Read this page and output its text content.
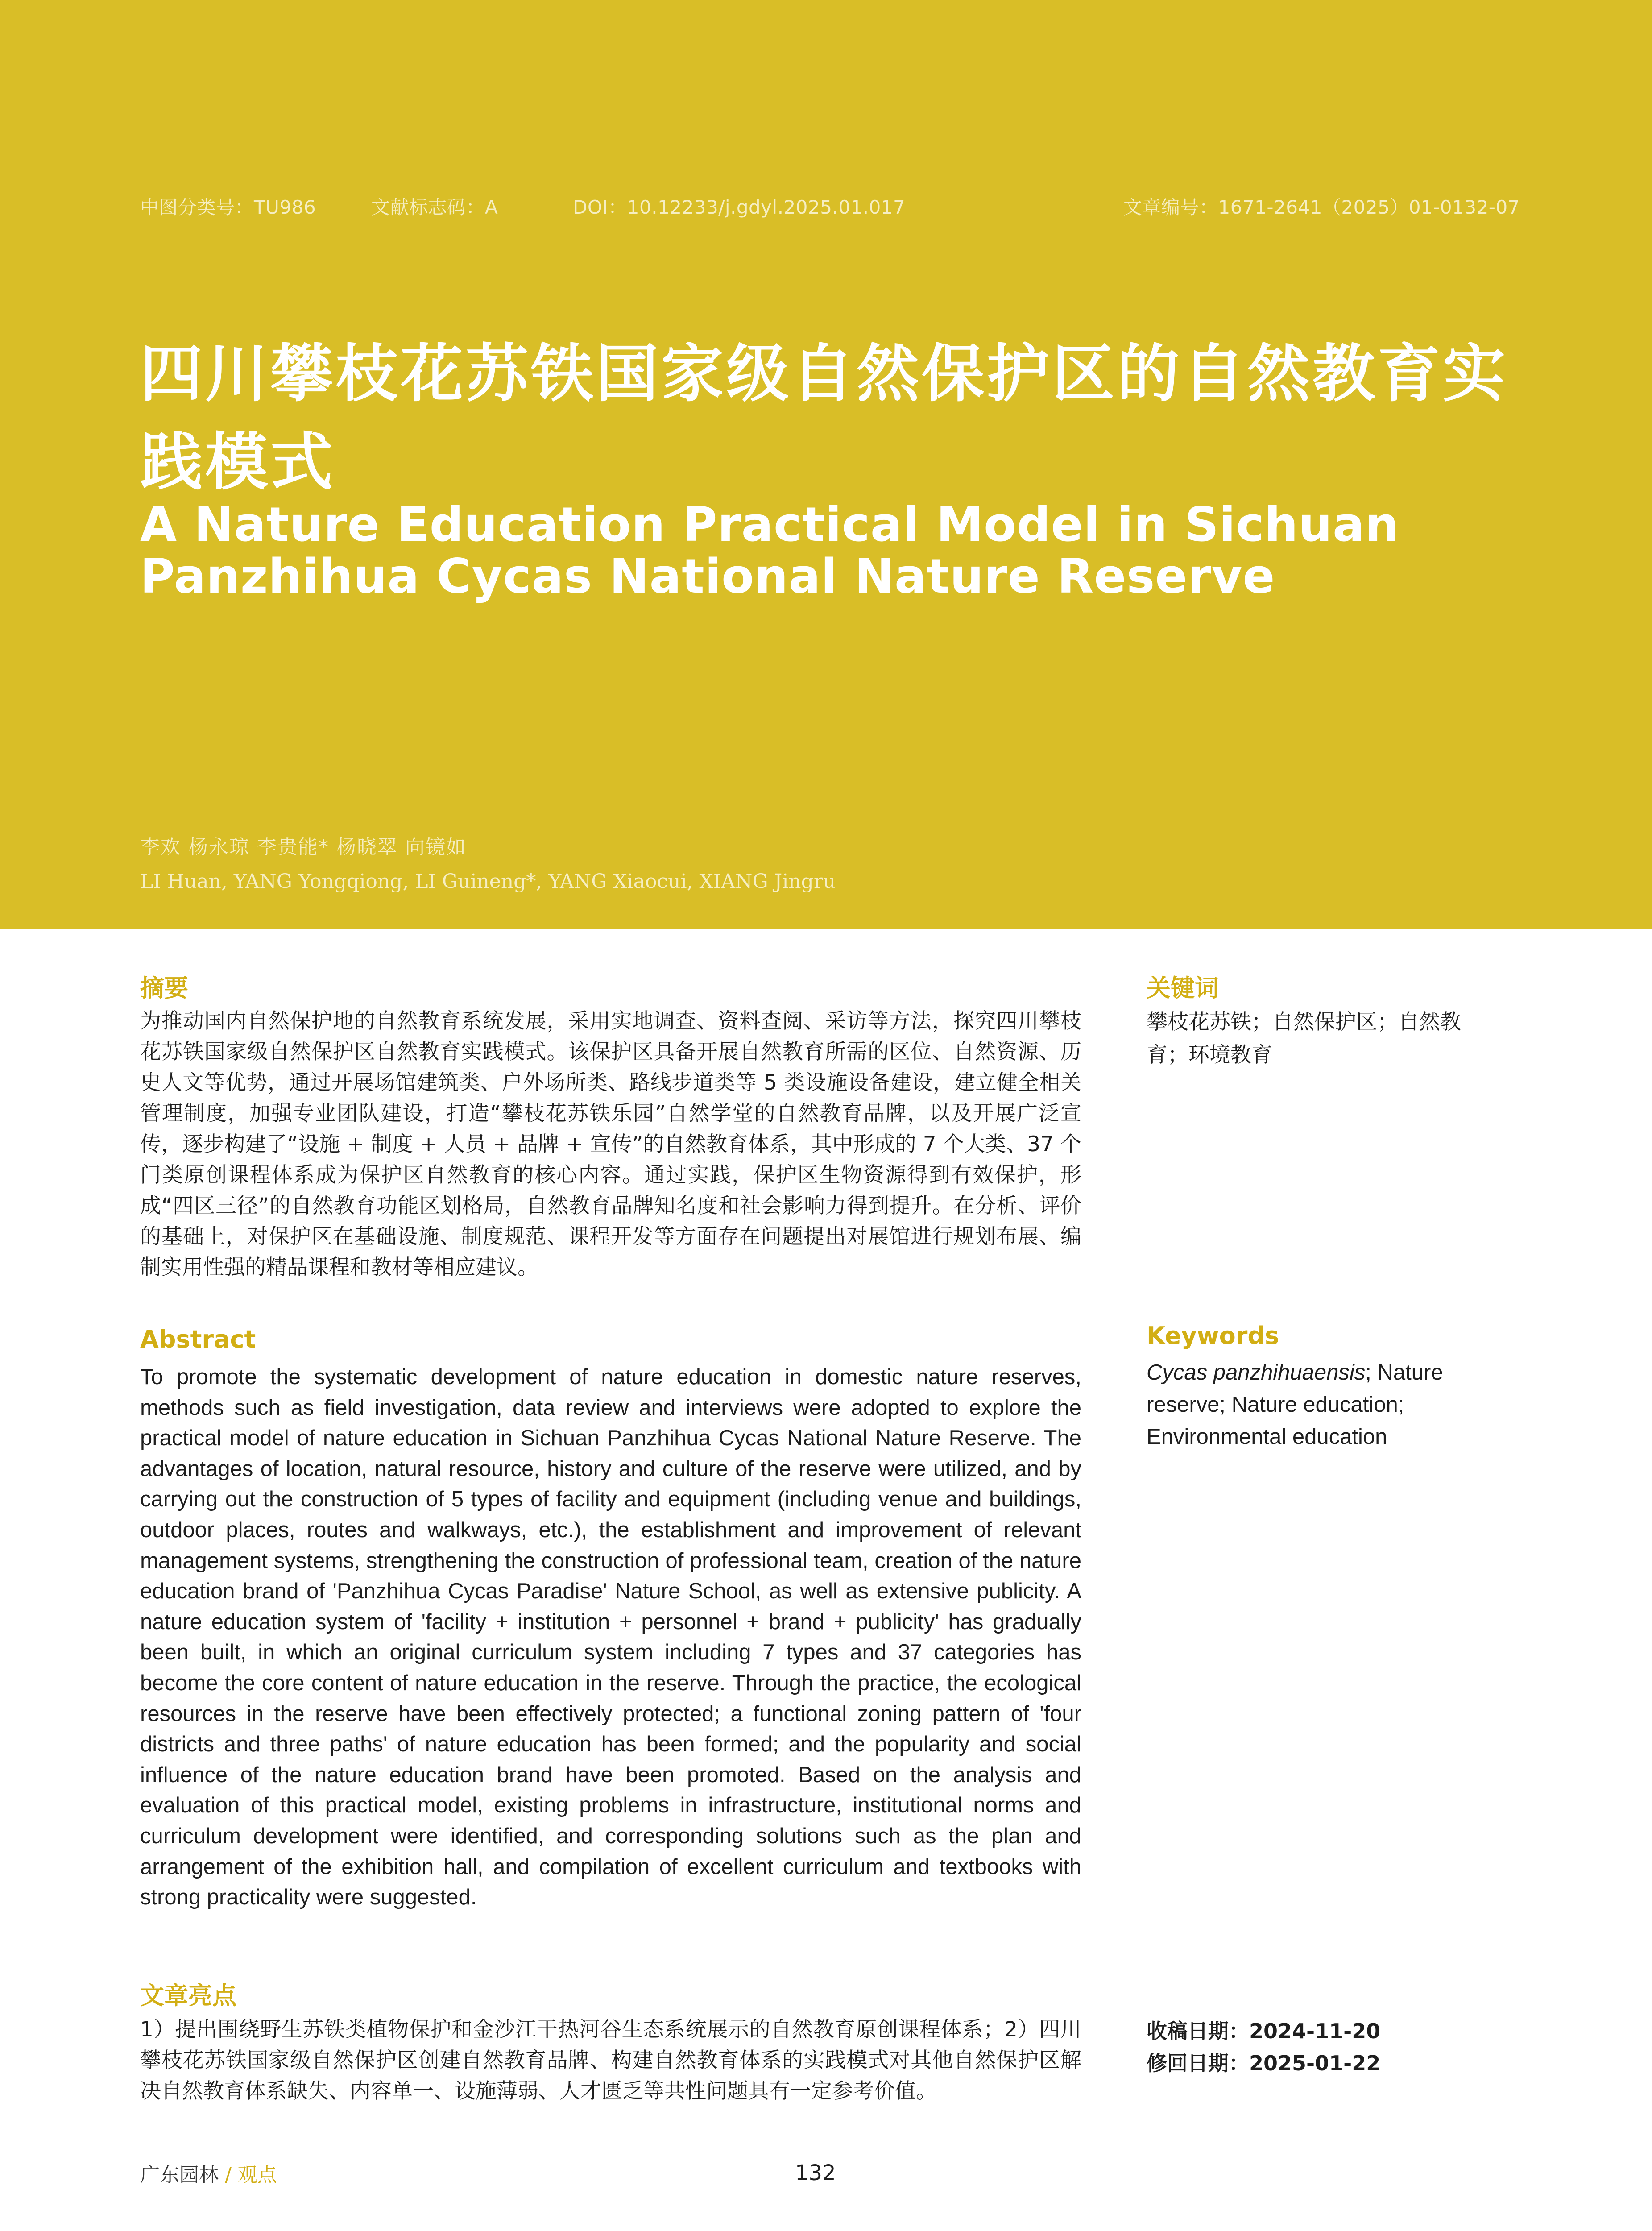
中图分类号：TU986	文献标志码：A	DOI：10.12233/j.gdyl.2025.01.017	文章编号：1671-2641（2025）01-0132-07
四川攀枝花苏铁国家级自然保护区的自然教育实践模式
A Nature Education Practical Model in Sichuan Panzhihua Cycas National Nature Reserve
李欢 杨永琼 李贵能* 杨晓翠 向镜如
LI Huan, YANG Yongqiong, LI Guineng*, YANG Xiaocui, XIANG Jingru
摘要
为推动国内自然保护地的自然教育系统发展，采用实地调查、资料查阅、采访等方法，探究四川攀枝花苏铁国家级自然保护区自然教育实践模式。该保护区具备开展自然教育所需的区位、自然资源、历史人文等优势，通过开展场馆建筑类、户外场所类、路线步道类等 5 类设施设备建设，建立健全相关管理制度，加强专业团队建设，打造“攀枝花苏铁乐园”自然学堂的自然教育品牌，以及开展广泛宣传，逐步构建了“设施 + 制度 + 人员 + 品牌 + 宣传”的自然教育体系，其中形成的 7 个大类、37 个门类原创课程体系成为保护区自然教育的核心内容。通过实践，保护区生物资源得到有效保护，形成“四区三径”的自然教育功能区划格局，自然教育品牌知名度和社会影响力得到提升。在分析、评价的基础上，对保护区在基础设施、制度规范、课程开发等方面存在问题提出对展馆进行规划布展、编制实用性强的精品课程和教材等相应建议。
关键词
攀枝花苏铁；自然保护区；自然教育；环境教育
Abstract
To promote the systematic development of nature education in domestic nature reserves, methods such as field investigation, data review and interviews were adopted to explore the practical model of nature education in Sichuan Panzhihua Cycas National Nature Reserve. The advantages of location, natural resource, history and culture of the reserve were utilized, and by carrying out the construction of 5 types of facility and equipment (including venue and buildings, outdoor places, routes and walkways, etc.), the establishment and improvement of relevant management systems, strengthening the construction of professional team, creation of the nature education brand of 'Panzhihua Cycas Paradise' Nature School, as well as extensive publicity. A nature education system of 'facility + institution + personnel + brand + publicity' has gradually been built, in which an original curriculum system including 7 types and 37 categories has become the core content of nature education in the reserve. Through the practice, the ecological resources in the reserve have been effectively protected; a functional zoning pattern of 'four districts and three paths' of nature education has been formed; and the popularity and social influence of the nature education brand have been promoted. Based on the analysis and evaluation of this practical model, existing problems in infrastructure, institutional norms and curriculum development were identified, and corresponding solutions such as the plan and arrangement of the exhibition hall, and compilation of excellent curriculum and textbooks with strong practicality were suggested.
Keywords
Cycas panzhihuaensis; Nature reserve; Nature education; Environmental education
文章亮点
1）提出围绕野生苏铁类植物保护和金沙江干热河谷生态系统展示的自然教育原创课程体系；2）四川攀枝花苏铁国家级自然保护区创建自然教育品牌、构建自然教育体系的实践模式对其他自然保护区解决自然教育体系缺失、内容单一、设施薄弱、人才匮乏等共性问题具有一定参考价值。
收稿日期：2024-11-20
修回日期：2025-01-22
广东园林 / 观点	132
